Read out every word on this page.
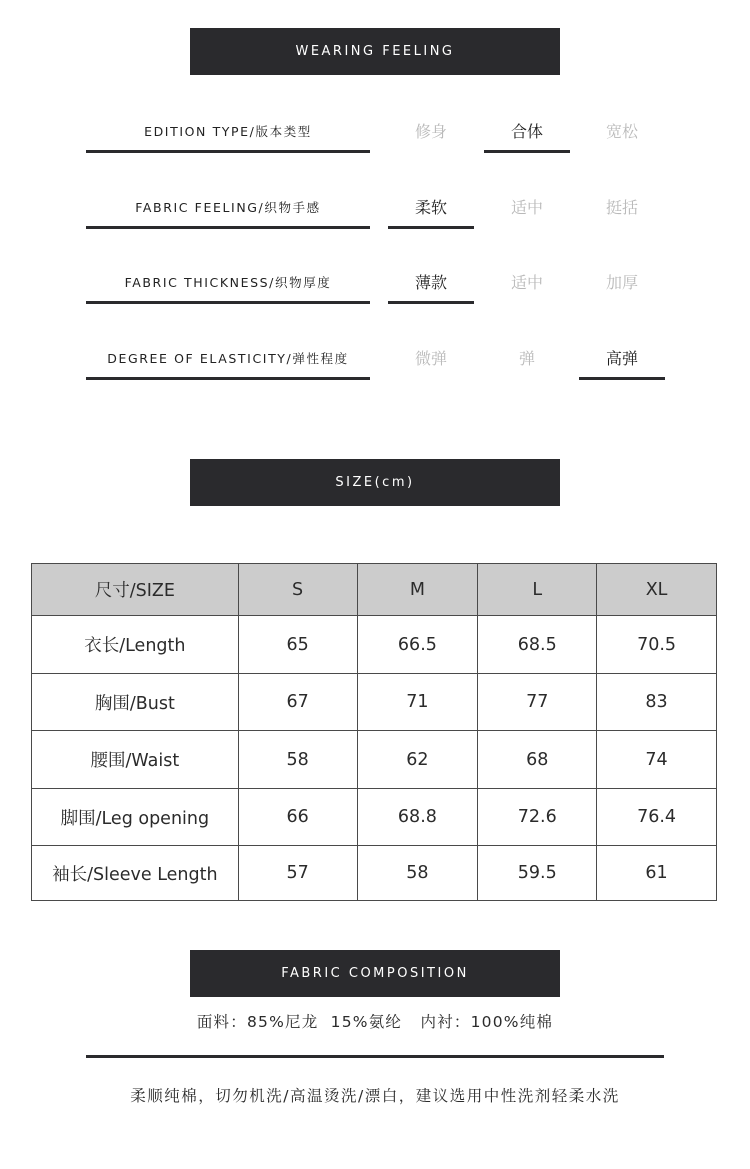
WEARING FEELING
EDITION TYPE/版本类型	修身	合体	宽松
FABRIC FEELING/织物手感	柔软	适中	挺括
FABRIC THICKNESS/织物厚度	薄款	适中	加厚
DEGREE OF ELASTICITY/弹性程度	微弹	弹	高弹
SIZE(cm)
尺寸/SIZE	S	M	L	XL
衣长/Length	65	66.5	68.5	70.5
胸围/Bust	67	71	77	83
腰围/Waist	58	62	68	74
脚围/Leg opening	66	68.8	72.6	76.4
袖长/Sleeve Length	57	58	59.5	61
FABRIC COMPOSITION
面料：85%尼龙  15%氨纶   内衬：100%纯棉
柔顺纯棉，切勿机洗/高温烫洗/漂白，建议选用中性洗剂轻柔水洗
